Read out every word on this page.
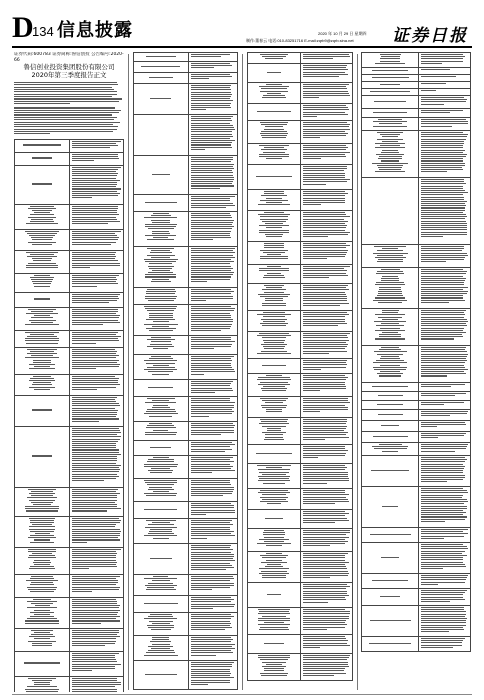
D
134 信息披露	2020 年 10 月 29 日 星期四
制作:董春云 电话:010-83251716 E-mail:zqrb9@zqrb.sina.net 证券日报
证券代码:600783 证券简称:鲁信创投 公告编号:2020-66
鲁信创业投资集团股份有限公司
2020年第三季度报告正文
